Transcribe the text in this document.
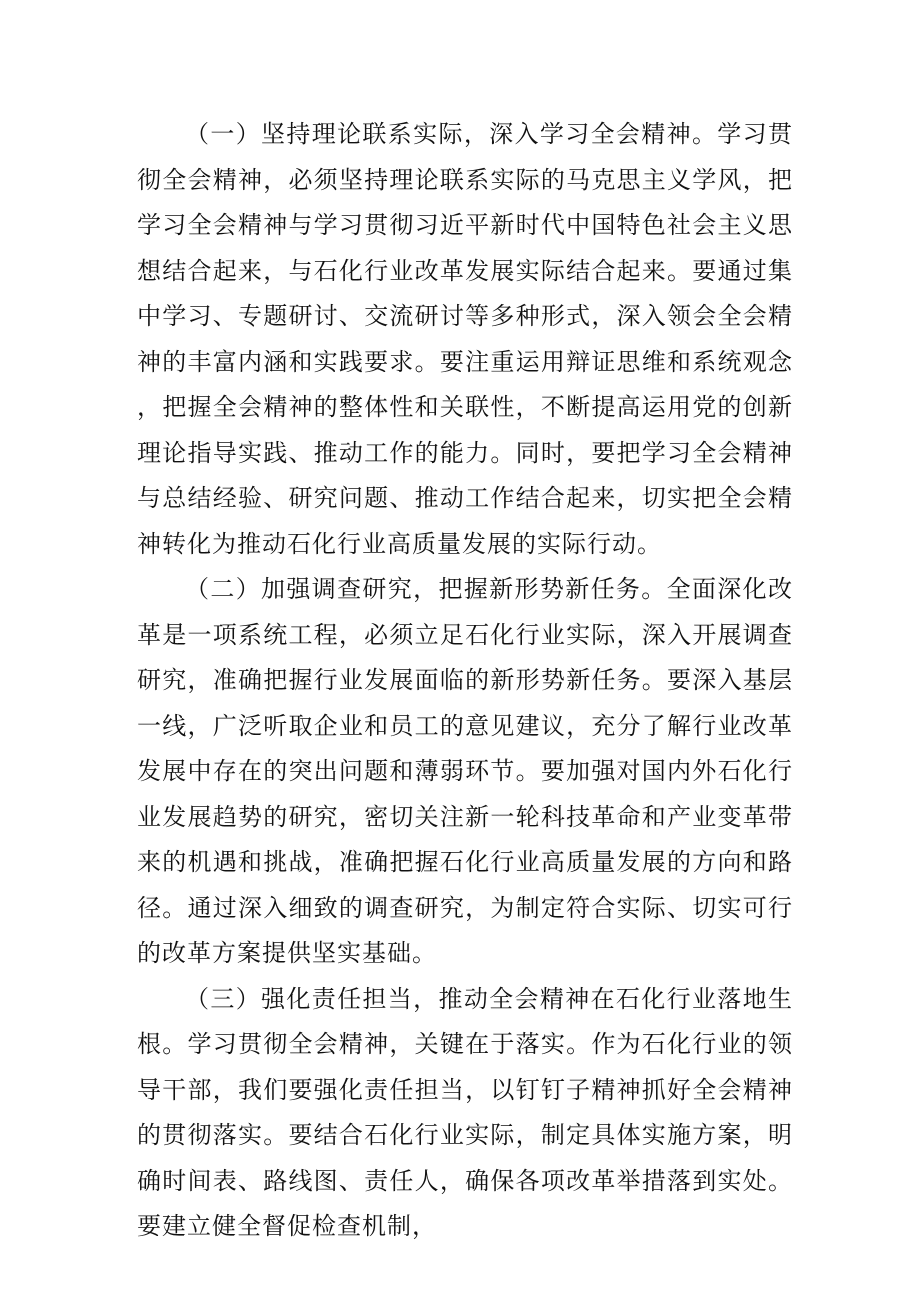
（一）坚持理论联系实际，深入学习全会精神。学习贯彻全会精神，必须坚持理论联系实际的马克思主义学风，把学习全会精神与学习贯彻习近平新时代中国特色社会主义思想结合起来，与石化行业改革发展实际结合起来。要通过集中学习、专题研讨、交流研讨等多种形式，深入领会全会精神的丰富内涵和实践要求。要注重运用辩证思维和系统观念，把握全会精神的整体性和关联性，不断提高运用党的创新理论指导实践、推动工作的能力。同时，要把学习全会精神与总结经验、研究问题、推动工作结合起来，切实把全会精神转化为推动石化行业高质量发展的实际行动。

（二）加强调查研究，把握新形势新任务。全面深化改革是一项系统工程，必须立足石化行业实际，深入开展调查研究，准确把握行业发展面临的新形势新任务。要深入基层一线，广泛听取企业和员工的意见建议，充分了解行业改革发展中存在的突出问题和薄弱环节。要加强对国内外石化行业发展趋势的研究，密切关注新一轮科技革命和产业变革带来的机遇和挑战，准确把握石化行业高质量发展的方向和路径。通过深入细致的调查研究，为制定符合实际、切实可行的改革方案提供坚实基础。

（三）强化责任担当，推动全会精神在石化行业落地生根。学习贯彻全会精神，关键在于落实。作为石化行业的领导干部，我们要强化责任担当，以钉钉子精神抓好全会精神的贯彻落实。要结合石化行业实际，制定具体实施方案，明确时间表、路线图、责任人，确保各项改革举措落到实处。要建立健全督促检查机制，
